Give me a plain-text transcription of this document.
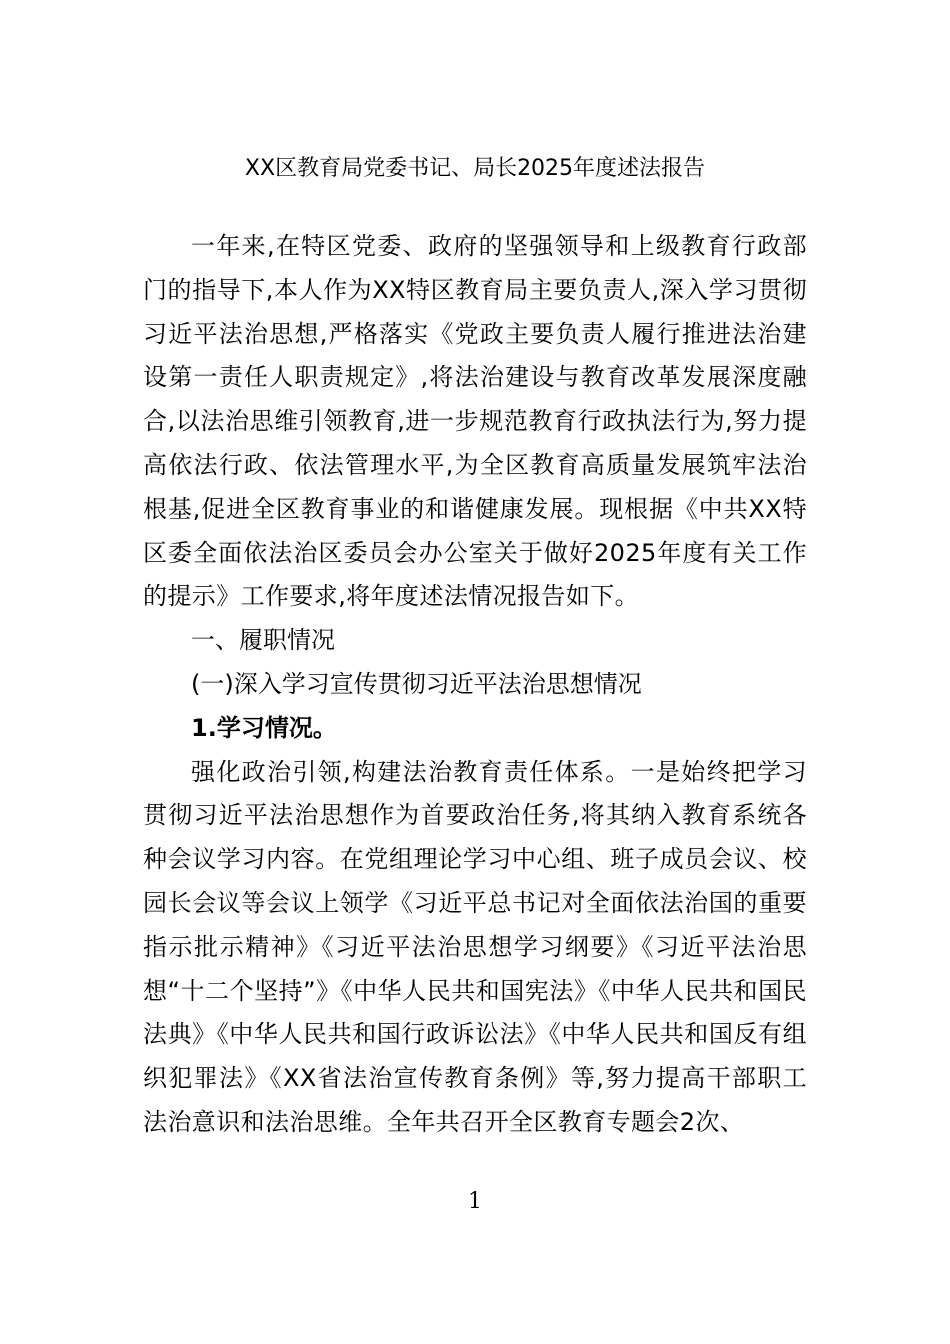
XX区教育局党委书记、局长2025年度述法报告

一年来,在特区党委、政府的坚强领导和上级教育行政部门的指导下,本人作为XX特区教育局主要负责人,深入学习贯彻习近平法治思想,严格落实《党政主要负责人履行推进法治建设第一责任人职责规定》,将法治建设与教育改革发展深度融合,以法治思维引领教育,进一步规范教育行政执法行为,努力提高依法行政、依法管理水平,为全区教育高质量发展筑牢法治根基,促进全区教育事业的和谐健康发展。现根据《中共XX特区委全面依法治区委员会办公室关于做好2025年度有关工作的提示》工作要求,将年度述法情况报告如下。

一、履职情况

(一)深入学习宣传贯彻习近平法治思想情况

1.学习情况。

强化政治引领,构建法治教育责任体系。一是始终把学习贯彻习近平法治思想作为首要政治任务,将其纳入教育系统各种会议学习内容。在党组理论学习中心组、班子成员会议、校园长会议等会议上领学《习近平总书记对全面依法治国的重要指示批示精神》《习近平法治思想学习纲要》《习近平法治思想“十二个坚持”》《中华人民共和国宪法》《中华人民共和国民法典》《中华人民共和国行政诉讼法》《中华人民共和国反有组织犯罪法》《XX省法治宣传教育条例》等,努力提高干部职工法治意识和法治思维。全年共召开全区教育专题会2次、

1
